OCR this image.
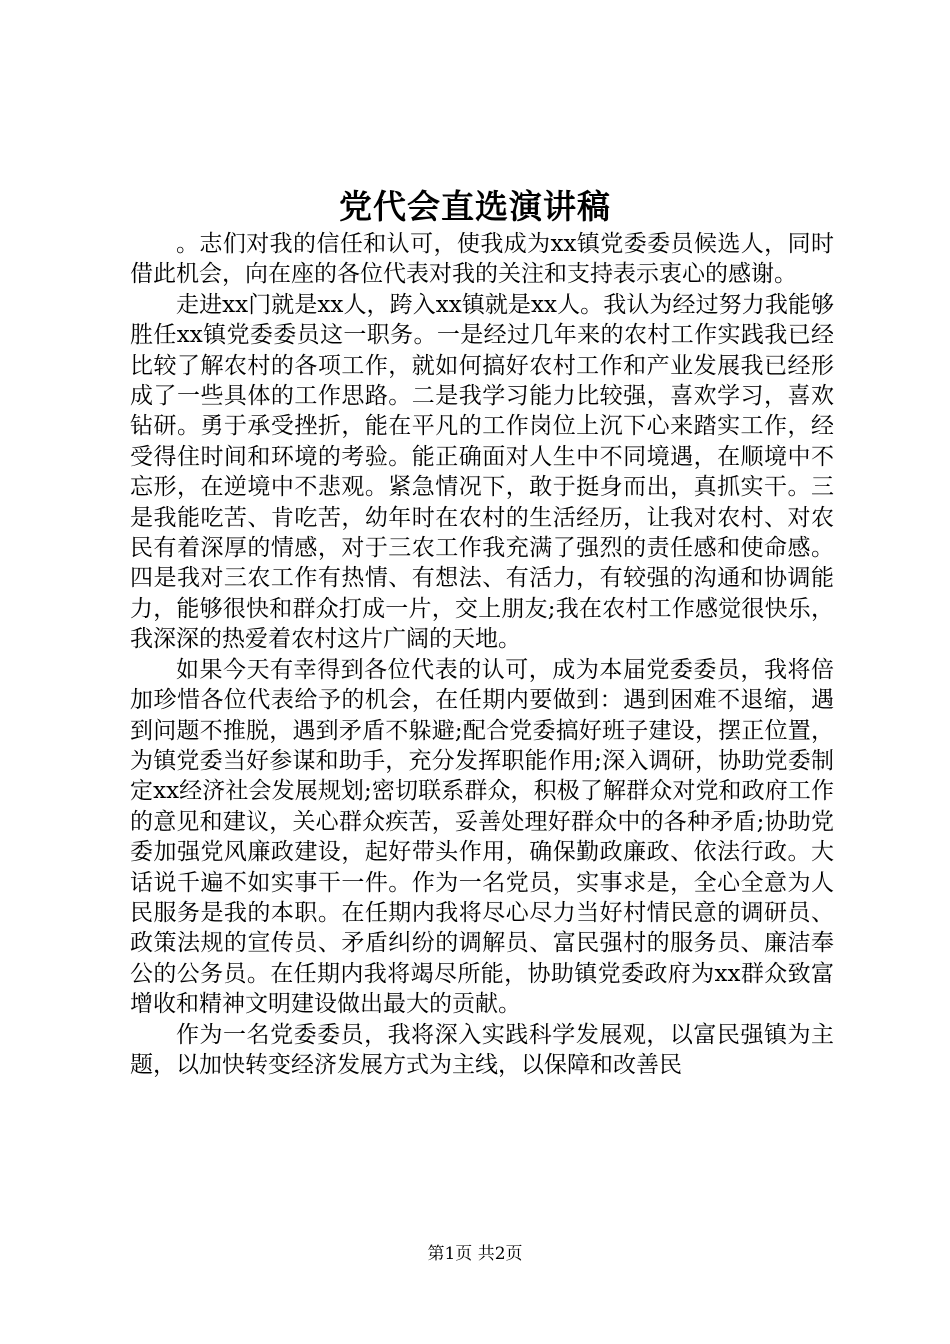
党代会直选演讲稿

。志们对我的信任和认可，使我成为xx镇党委委员候选人，同时借此机会，向在座的各位代表对我的关注和支持表示衷心的感谢。

走进xx门就是xx人，跨入xx镇就是xx人。我认为经过努力我能够胜任xx镇党委委员这一职务。一是经过几年来的农村工作实践我已经比较了解农村的各项工作，就如何搞好农村工作和产业发展我已经形成了一些具体的工作思路。二是我学习能力比较强，喜欢学习，喜欢钻研。勇于承受挫折，能在平凡的工作岗位上沉下心来踏实工作，经受得住时间和环境的考验。能正确面对人生中不同境遇，在顺境中不忘形，在逆境中不悲观。紧急情况下，敢于挺身而出，真抓实干。三是我能吃苦、肯吃苦，幼年时在农村的生活经历，让我对农村、对农民有着深厚的情感，对于三农工作我充满了强烈的责任感和使命感。四是我对三农工作有热情、有想法、有活力，有较强的沟通和协调能力，能够很快和群众打成一片，交上朋友;我在农村工作感觉很快乐，我深深的热爱着农村这片广阔的天地。

如果今天有幸得到各位代表的认可，成为本届党委委员，我将倍加珍惜各位代表给予的机会，在任期内要做到：遇到困难不退缩，遇到问题不推脱，遇到矛盾不躲避;配合党委搞好班子建设，摆正位置，为镇党委当好参谋和助手，充分发挥职能作用;深入调研，协助党委制定xx经济社会发展规划;密切联系群众，积极了解群众对党和政府工作的意见和建议，关心群众疾苦，妥善处理好群众中的各种矛盾;协助党委加强党风廉政建设，起好带头作用，确保勤政廉政、依法行政。大话说千遍不如实事干一件。作为一名党员，实事求是，全心全意为人民服务是我的本职。在任期内我将尽心尽力当好村情民意的调研员、政策法规的宣传员、矛盾纠纷的调解员、富民强村的服务员、廉洁奉公的公务员。在任期内我将竭尽所能，协助镇党委政府为xx群众致富增收和精神文明建设做出最大的贡献。

作为一名党委委员，我将深入实践科学发展观，以富民强镇为主题，以加快转变经济发展方式为主线，以保障和改善民

第1页 共2页
